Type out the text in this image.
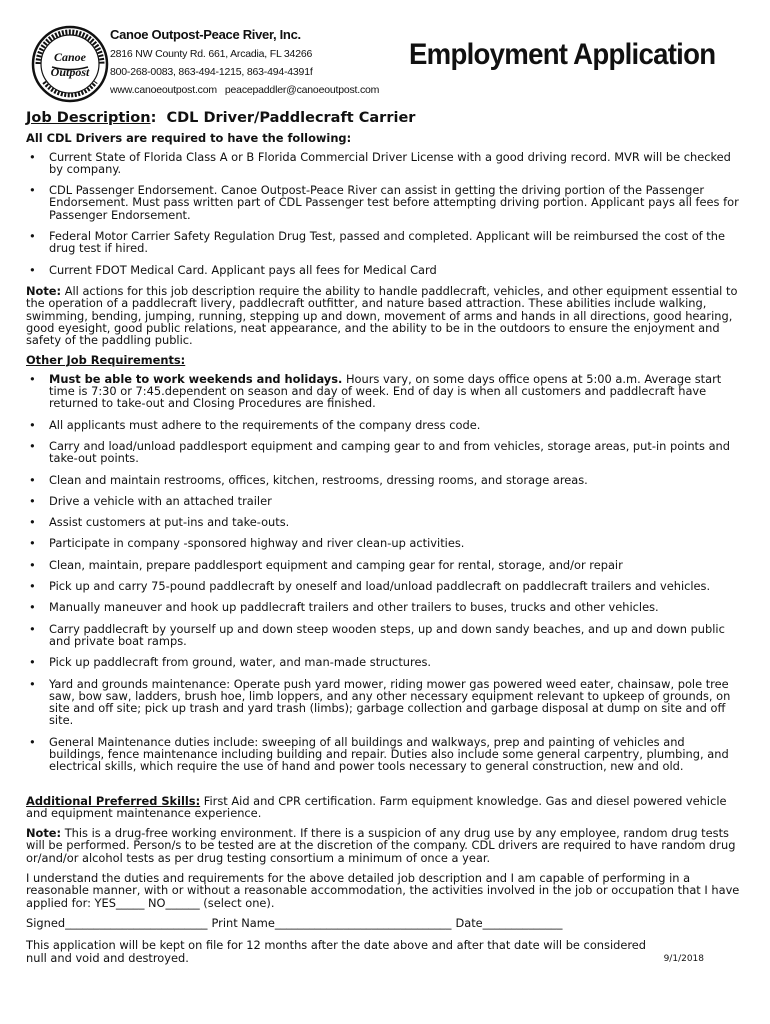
Canoe
Outpost
Canoe Outpost-Peace River, Inc.
2816 NW County Rd. 661, Arcadia, FL 34266
800-268-0083, 863-494-1215, 863-494-4391f
www.canoeoutpost.com peacepaddler@canoeoutpost.com
Employment Application
Job Description: CDL Driver/Paddlecraft Carrier
All CDL Drivers are required to have the following:
• Current State of Florida Class A or B Florida Commercial Driver License with a good driving record. MVR will be checked by company.
• CDL Passenger Endorsement. Canoe Outpost-Peace River can assist in getting the driving portion of the Passenger Endorsement. Must pass written part of CDL Passenger test before attempting driving portion. Applicant pays all fees for Passenger Endorsement.
• Federal Motor Carrier Safety Regulation Drug Test, passed and completed. Applicant will be reimbursed the cost of the drug test if hired.
• Current FDOT Medical Card. Applicant pays all fees for Medical Card

Note: All actions for this job description require the ability to handle paddlecraft, vehicles, and other equipment essential to the operation of a paddlecraft livery, paddlecraft outfitter, and nature based attraction. These abilities include walking, swimming, bending, jumping, running, stepping up and down, movement of arms and hands in all directions, good hearing, good eyesight, good public relations, neat appearance, and the ability to be in the outdoors to ensure the enjoyment and safety of the paddling public.

Other Job Requirements:
• Must be able to work weekends and holidays. Hours vary, on some days office opens at 5:00 a.m. Average start time is 7:30 or 7:45.dependent on season and day of week. End of day is when all customers and paddlecraft have returned to take-out and Closing Procedures are finished.
• All applicants must adhere to the requirements of the company dress code.
• Carry and load/unload paddlesport equipment and camping gear to and from vehicles, storage areas, put-in points and take-out points.
• Clean and maintain restrooms, offices, kitchen, restrooms, dressing rooms, and storage areas.
• Drive a vehicle with an attached trailer
• Assist customers at put-ins and take-outs.
• Participate in company -sponsored highway and river clean-up activities.
• Clean, maintain, prepare paddlesport equipment and camping gear for rental, storage, and/or repair
• Pick up and carry 75-pound paddlecraft by oneself and load/unload paddlecraft on paddlecraft trailers and vehicles.
• Manually maneuver and hook up paddlecraft trailers and other trailers to buses, trucks and other vehicles.
• Carry paddlecraft by yourself up and down steep wooden steps, up and down sandy beaches, and up and down public and private boat ramps.
• Pick up paddlecraft from ground, water, and man-made structures.
• Yard and grounds maintenance: Operate push yard mower, riding mower gas powered weed eater, chainsaw, pole tree saw, bow saw, ladders, brush hoe, limb loppers, and any other necessary equipment relevant to upkeep of grounds, on site and off site; pick up trash and yard trash (limbs); garbage collection and garbage disposal at dump on site and off site.
• General Maintenance duties include: sweeping of all buildings and walkways, prep and painting of vehicles and buildings, fence maintenance including building and repair. Duties also include some general carpentry, plumbing, and electrical skills, which require the use of hand and power tools necessary to general construction, new and old.

Additional Preferred Skills: First Aid and CPR certification. Farm equipment knowledge. Gas and diesel powered vehicle and equipment maintenance experience.

Note: This is a drug-free working environment. If there is a suspicion of any drug use by any employee, random drug tests will be performed. Person/s to be tested are at the discretion of the company. CDL drivers are required to have random drug or/and/or alcohol tests as per drug testing consortium a minimum of once a year.

I understand the duties and requirements for the above detailed job description and I am capable of performing in a reasonable manner, with or without a reasonable accommodation, the activities involved in the job or occupation that I have applied for: YES_____ NO______ (select one).

Signed_________________________ Print Name_______________________________ Date______________
This application will be kept on file for 12 months after the date above and after that date will be considered null and void and destroyed.	9/1/2018
